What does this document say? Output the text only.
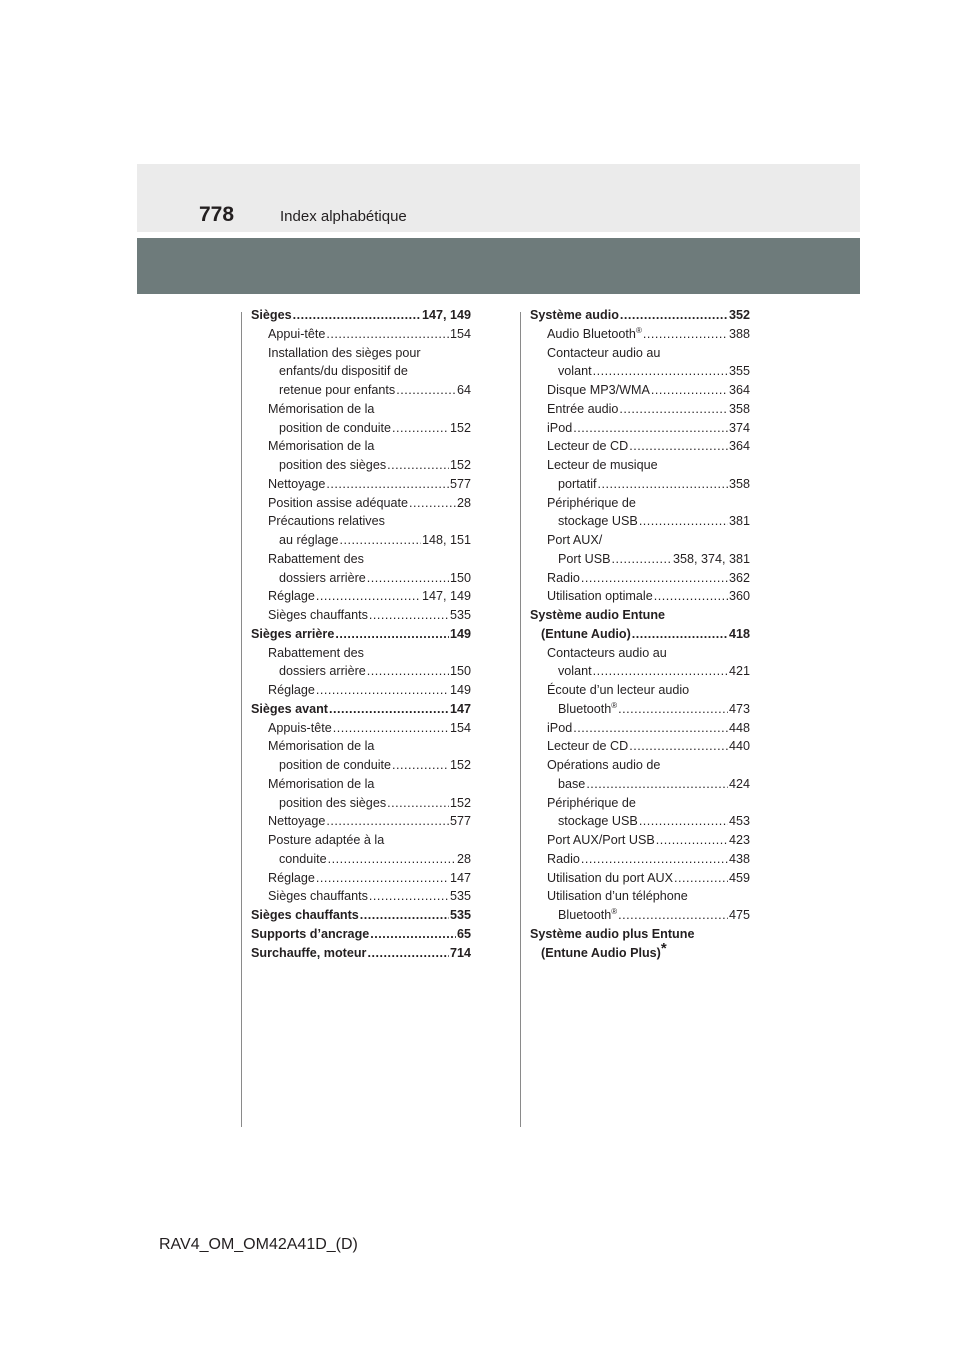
778	Index alphabétique
Sièges .....	147, 149
Appui-tête .....	154
Installation des sièges pour
enfants/du dispositif de
retenue pour enfants .....	64
Mémorisation de la
position de conduite .....	152
Mémorisation de la
position des sièges .....	152
Nettoyage .....	577
Position assise adéquate .....	28
Précautions relatives
au réglage .....	148, 151
Rabattement des
dossiers arrière .....	150
Réglage .....	147, 149
Sièges chauffants .....	535
Sièges arrière .....	149
Rabattement des
dossiers arrière .....	150
Réglage .....	149
Sièges avant .....	147
Appuis-tête .....	154
Mémorisation de la
position de conduite .....	152
Mémorisation de la
position des sièges .....	152
Nettoyage .....	577
Posture adaptée à la
conduite .....	28
Réglage .....	147
Sièges chauffants .....	535
Sièges chauffants .....	535
Supports d’ancrage .....	65
Surchauffe, moteur .....	714
Système audio .....	352
Audio Bluetooth® .....	388
Contacteur audio au
volant .....	355
Disque MP3/WMA .....	364
Entrée audio .....	358
iPod .....	374
Lecteur de CD .....	364
Lecteur de musique
portatif .....	358
Périphérique de
stockage USB .....	381
Port AUX/
Port USB .....	358, 374, 381
Radio .....	362
Utilisation optimale .....	360
Système audio Entune
(Entune Audio) .....	418
Contacteurs audio au
volant .....	421
Écoute d’un lecteur audio
Bluetooth® .....	473
iPod .....	448
Lecteur de CD .....	440
Opérations audio de
base .....	424
Périphérique de
stockage USB .....	453
Port AUX/Port USB .....	423
Radio .....	438
Utilisation du port AUX .....	459
Utilisation d’un téléphone
Bluetooth® .....	475
Système audio plus Entune
(Entune Audio Plus)*
RAV4_OM_OM42A41D_(D)
